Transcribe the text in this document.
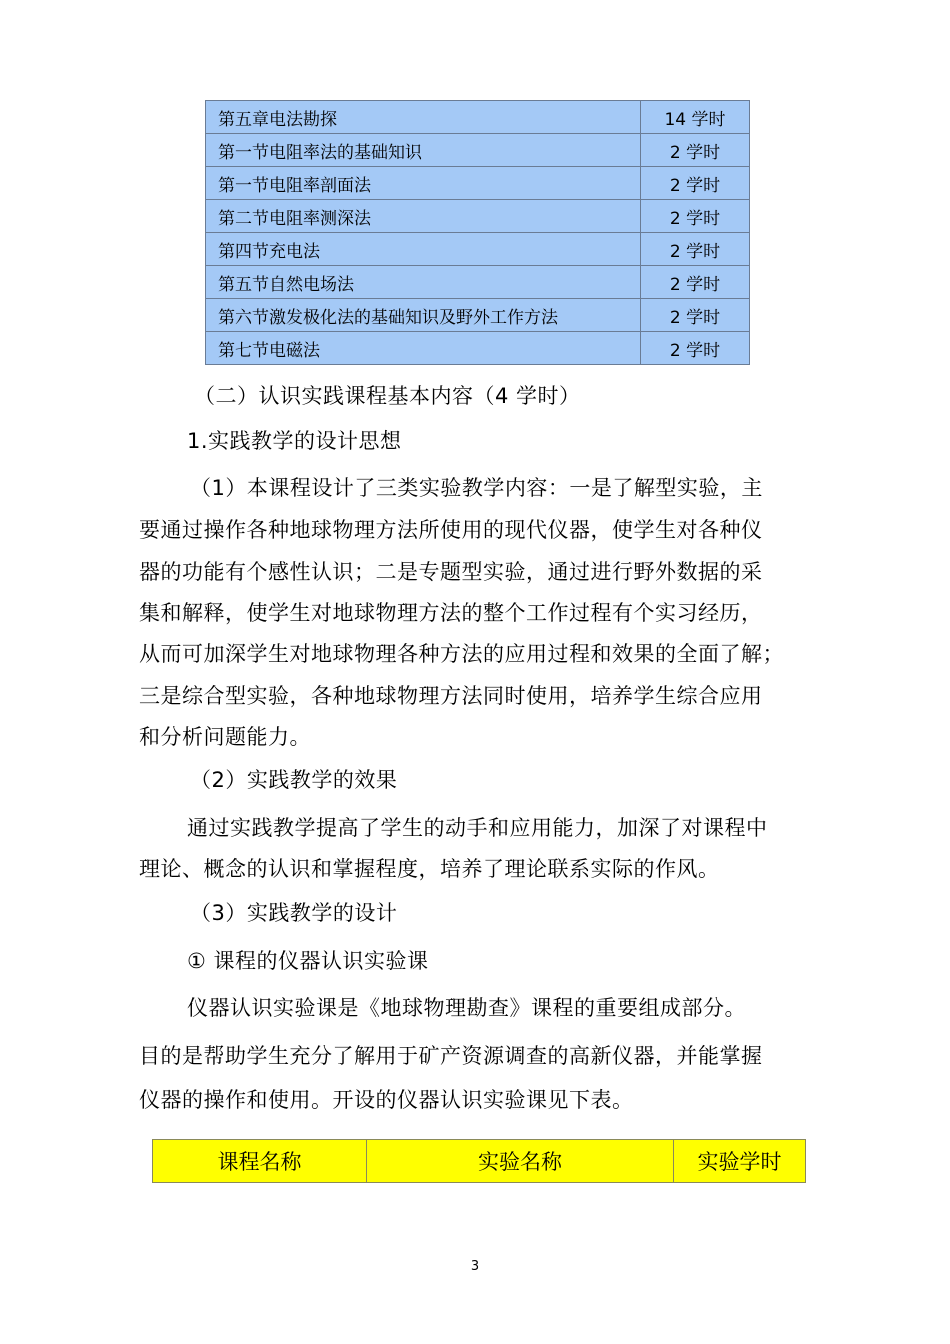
第五章电法勘探	14 学时
第一节电阻率法的基础知识	2 学时
第一节电阻率剖面法	2 学时
第二节电阻率测深法	2 学时
第四节充电法	2 学时
第五节自然电场法	2 学时
第六节激发极化法的基础知识及野外工作方法	2 学时
第七节电磁法	2 学时
（二）认识实践课程基本内容（4 学时）
1.实践教学的设计思想
（1）本课程设计了三类实验教学内容：一是了解型实验，主
要通过操作各种地球物理方法所使用的现代仪器，使学生对各种仪
器的功能有个感性认识；二是专题型实验，通过进行野外数据的采
集和解释，使学生对地球物理方法的整个工作过程有个实习经历，
从而可加深学生对地球物理各种方法的应用过程和效果的全面了解；
三是综合型实验，各种地球物理方法同时使用，培养学生综合应用
和分析问题能力。
（2）实践教学的效果
通过实践教学提高了学生的动手和应用能力，加深了对课程中
理论、概念的认识和掌握程度，培养了理论联系实际的作风。
（3）实践教学的设计
① 课程的仪器认识实验课
仪器认识实验课是《地球物理勘查》课程的重要组成部分。
目的是帮助学生充分了解用于矿产资源调查的高新仪器，并能掌握
仪器的操作和使用。开设的仪器认识实验课见下表。
课程名称	实验名称	实验学时
3
